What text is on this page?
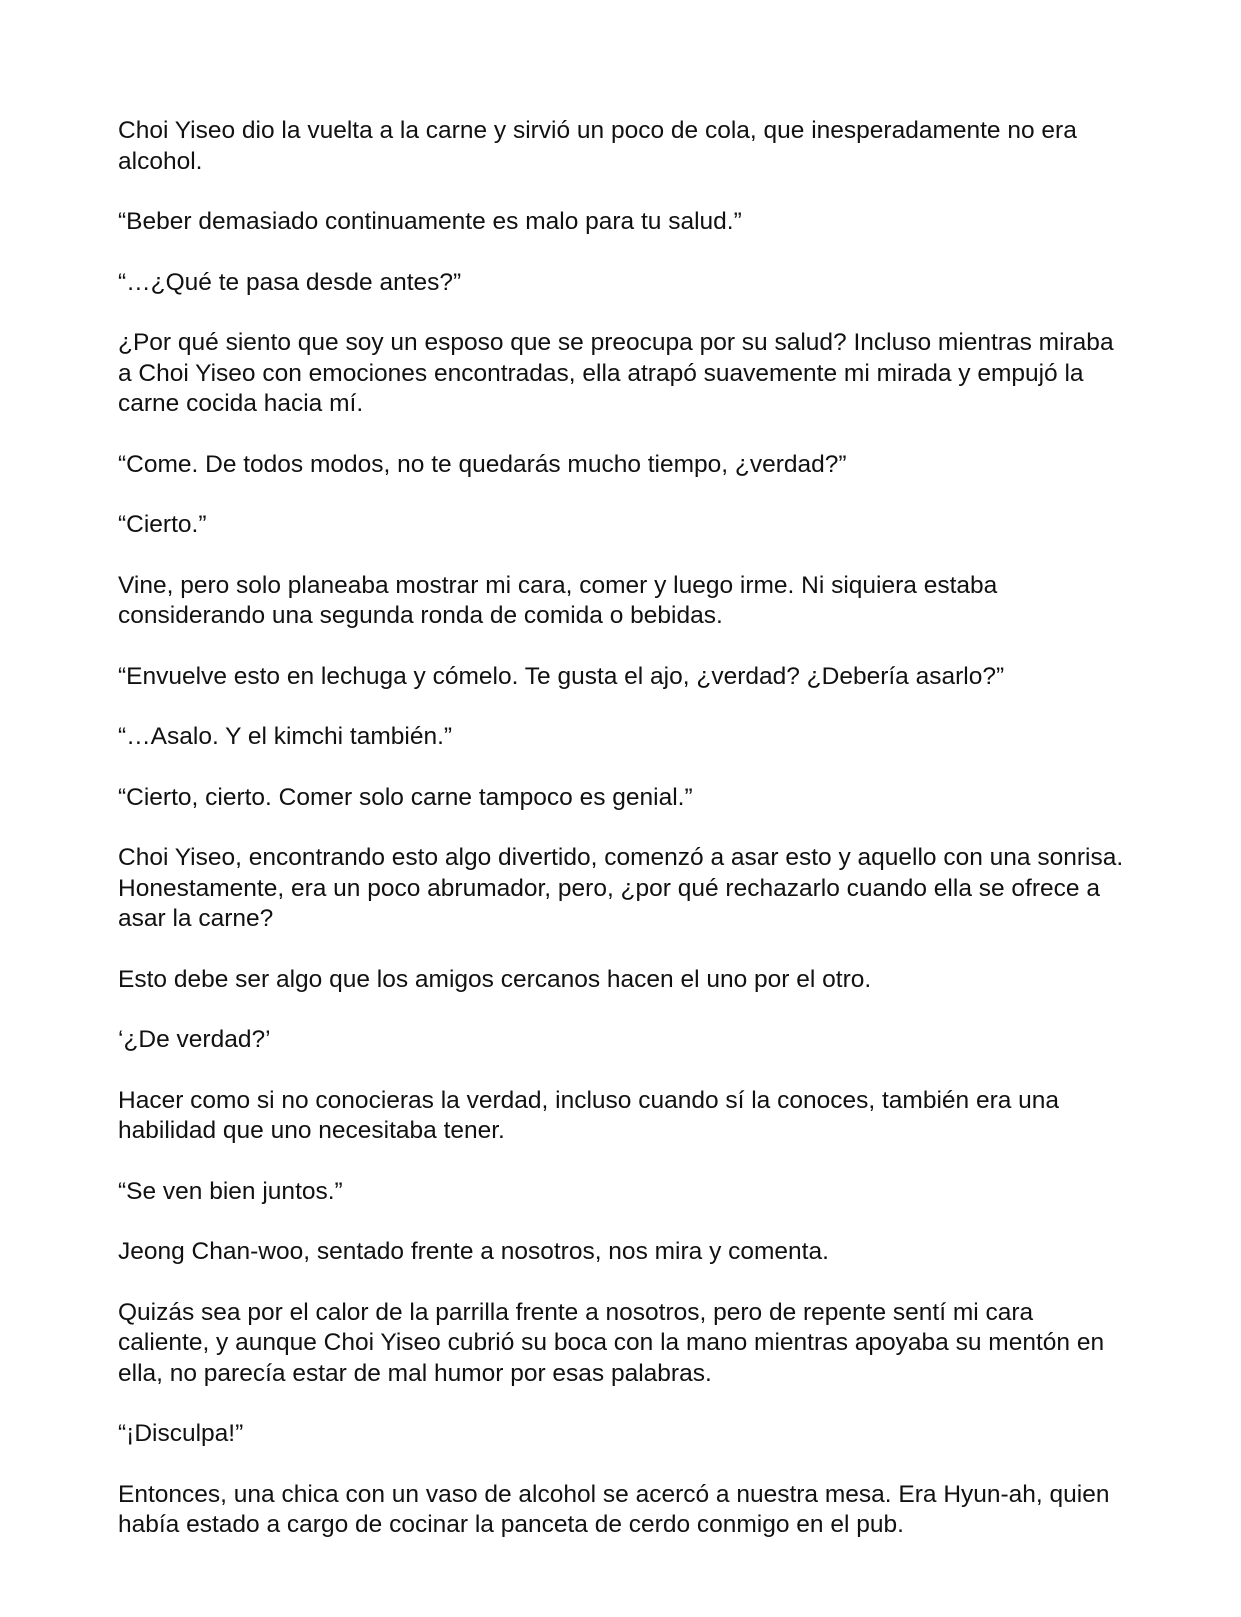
Choi Yiseo dio la vuelta a la carne y sirvió un poco de cola, que inesperadamente no era alcohol.

“Beber demasiado continuamente es malo para tu salud.”

“…¿Qué te pasa desde antes?”

¿Por qué siento que soy un esposo que se preocupa por su salud? Incluso mientras miraba a Choi Yiseo con emociones encontradas, ella atrapó suavemente mi mirada y empujó la carne cocida hacia mí.

“Come. De todos modos, no te quedarás mucho tiempo, ¿verdad?”

“Cierto.”

Vine, pero solo planeaba mostrar mi cara, comer y luego irme. Ni siquiera estaba considerando una segunda ronda de comida o bebidas.

“Envuelve esto en lechuga y cómelo. Te gusta el ajo, ¿verdad? ¿Debería asarlo?”

“…Asalo. Y el kimchi también.”

“Cierto, cierto. Comer solo carne tampoco es genial.”

Choi Yiseo, encontrando esto algo divertido, comenzó a asar esto y aquello con una sonrisa. Honestamente, era un poco abrumador, pero, ¿por qué rechazarlo cuando ella se ofrece a asar la carne?

Esto debe ser algo que los amigos cercanos hacen el uno por el otro.

‘¿De verdad?’

Hacer como si no conocieras la verdad, incluso cuando sí la conoces, también era una habilidad que uno necesitaba tener.

“Se ven bien juntos.”

Jeong Chan-woo, sentado frente a nosotros, nos mira y comenta.

Quizás sea por el calor de la parrilla frente a nosotros, pero de repente sentí mi cara caliente, y aunque Choi Yiseo cubrió su boca con la mano mientras apoyaba su mentón en ella, no parecía estar de mal humor por esas palabras.

“¡Disculpa!”

Entonces, una chica con un vaso de alcohol se acercó a nuestra mesa. Era Hyun-ah, quien había estado a cargo de cocinar la panceta de cerdo conmigo en el pub.
